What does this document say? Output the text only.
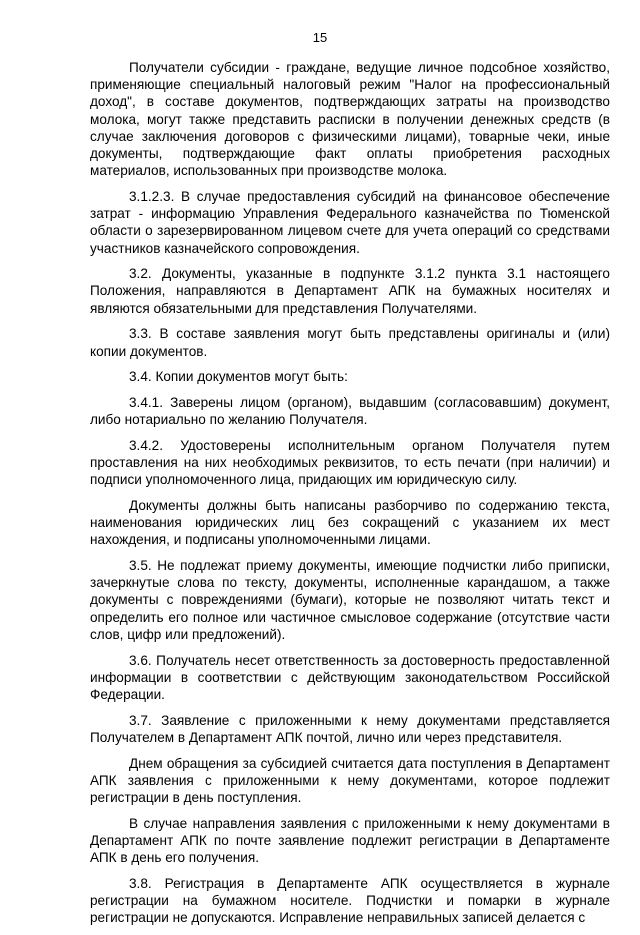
15

Получатели субсидии - граждане, ведущие личное подсобное хозяйство, применяющие специальный налоговый режим "Налог на профессиональный доход", в составе документов, подтверждающих затраты на производство молока, могут также представить расписки в получении денежных средств (в случае заключения договоров с физическими лицами), товарные чеки, иные документы, подтверждающие факт оплаты приобретения расходных материалов, использованных при производстве молока.

3.1.2.3. В случае предоставления субсидий на финансовое обеспечение затрат - информацию Управления Федерального казначейства по Тюменской области о зарезервированном лицевом счете для учета операций со средствами участников казначейского сопровождения.

3.2. Документы, указанные в подпункте 3.1.2 пункта 3.1 настоящего Положения, направляются в Департамент АПК на бумажных носителях и являются обязательными для представления Получателями.

3.3. В составе заявления могут быть представлены оригиналы и (или) копии документов.

3.4. Копии документов могут быть:

3.4.1. Заверены лицом (органом), выдавшим (согласовавшим) документ, либо нотариально по желанию Получателя.

3.4.2. Удостоверены исполнительным органом Получателя путем проставления на них необходимых реквизитов, то есть печати (при наличии) и подписи уполномоченного лица, придающих им юридическую силу.

Документы должны быть написаны разборчиво по содержанию текста, наименования юридических лиц без сокращений с указанием их мест нахождения, и подписаны уполномоченными лицами.

3.5. Не подлежат приему документы, имеющие подчистки либо приписки, зачеркнутые слова по тексту, документы, исполненные карандашом, а также документы с повреждениями (бумаги), которые не позволяют читать текст и определить его полное или частичное смысловое содержание (отсутствие части слов, цифр или предложений).

3.6. Получатель несет ответственность за достоверность предоставленной информации в соответствии с действующим законодательством Российской Федерации.

3.7. Заявление с приложенными к нему документами представляется Получателем в Департамент АПК почтой, лично или через представителя.

Днем обращения за субсидией считается дата поступления в Департамент АПК заявления с приложенными к нему документами, которое подлежит регистрации в день поступления.

В случае направления заявления с приложенными к нему документами в Департамент АПК по почте заявление подлежит регистрации в Департаменте АПК в день его получения.

3.8. Регистрация в Департаменте АПК осуществляется в журнале регистрации на бумажном носителе. Подчистки и помарки в журнале регистрации не допускаются. Исправление неправильных записей делается с
